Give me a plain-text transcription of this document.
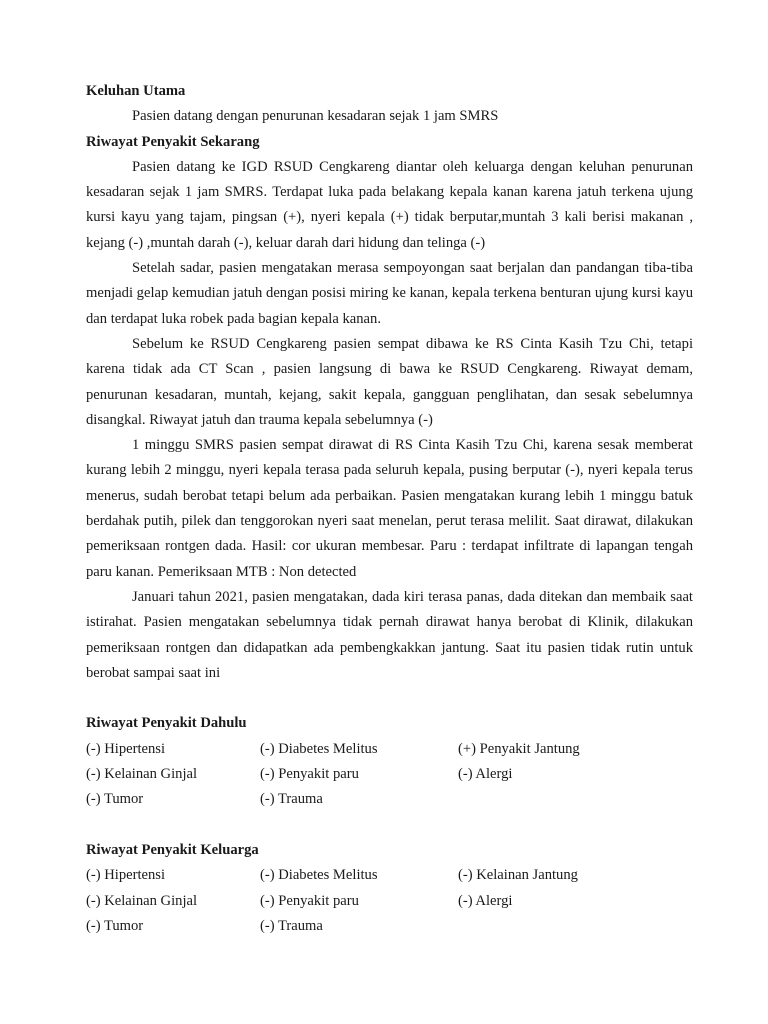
Keluhan Utama

Pasien datang dengan penurunan kesadaran sejak 1 jam SMRS

Riwayat Penyakit Sekarang

Pasien datang ke IGD RSUD Cengkareng diantar oleh keluarga dengan keluhan penurunan kesadaran sejak 1 jam SMRS. Terdapat luka pada belakang kepala kanan karena jatuh terkena ujung kursi kayu yang tajam, pingsan (+), nyeri kepala (+) tidak berputar,muntah 3 kali berisi makanan , kejang (-) ,muntah darah (-), keluar darah dari hidung dan telinga (-)

Setelah sadar, pasien mengatakan merasa sempoyongan saat berjalan dan pandangan tiba-tiba menjadi gelap kemudian jatuh dengan posisi miring ke kanan, kepala terkena benturan ujung kursi kayu dan terdapat luka robek pada bagian kepala kanan.

Sebelum ke RSUD Cengkareng pasien sempat dibawa ke RS Cinta Kasih Tzu Chi, tetapi karena tidak ada CT Scan , pasien langsung di bawa ke RSUD Cengkareng. Riwayat demam, penurunan kesadaran, muntah, kejang, sakit kepala, gangguan penglihatan, dan sesak sebelumnya disangkal. Riwayat jatuh dan trauma kepala sebelumnya (-)

1 minggu SMRS pasien sempat dirawat di RS Cinta Kasih Tzu Chi, karena sesak memberat kurang lebih 2 minggu, nyeri kepala terasa pada seluruh kepala, pusing berputar (-), nyeri kepala terus menerus, sudah berobat tetapi belum ada perbaikan. Pasien mengatakan kurang lebih 1 minggu batuk berdahak putih, pilek dan tenggorokan nyeri saat menelan, perut terasa melilit. Saat dirawat, dilakukan pemeriksaan rontgen dada. Hasil: cor ukuran membesar. Paru : terdapat infiltrate di lapangan tengah paru kanan. Pemeriksaan MTB : Non detected

Januari tahun 2021, pasien mengatakan, dada kiri terasa panas, dada ditekan dan membaik saat istirahat. Pasien mengatakan sebelumnya tidak pernah dirawat hanya berobat di Klinik, dilakukan pemeriksaan rontgen dan didapatkan ada pembengkakkan jantung. Saat itu pasien tidak rutin untuk berobat sampai saat ini

Riwayat Penyakit Dahulu

(-) Hipertensi	(-) Diabetes Melitus	(+) Penyakit Jantung
(-) Kelainan Ginjal	(-) Penyakit paru	(-) Alergi
(-) Tumor	(-) Trauma

Riwayat Penyakit Keluarga

(-) Hipertensi	(-) Diabetes Melitus	(-) Kelainan Jantung
(-) Kelainan Ginjal	(-) Penyakit paru	(-) Alergi
(-) Tumor	(-) Trauma
